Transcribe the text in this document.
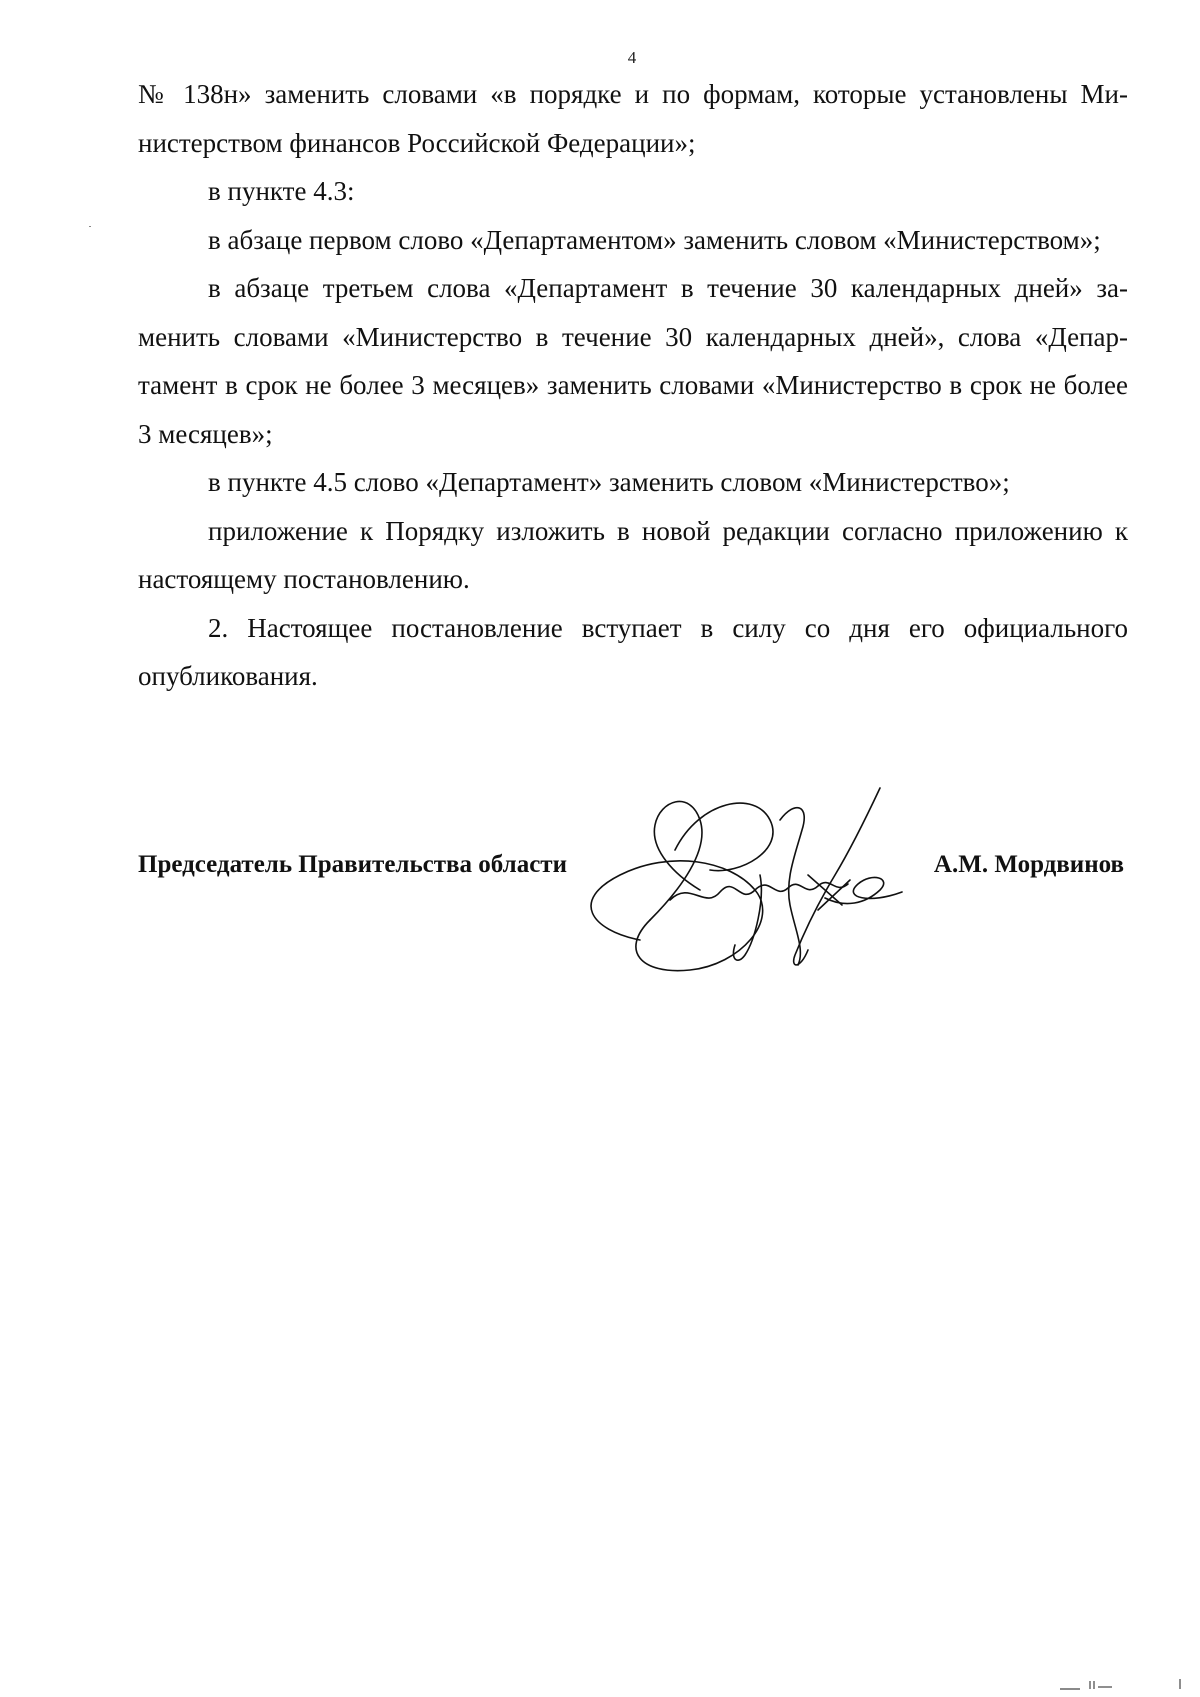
4

№ 138н» заменить словами «в порядке и по формам, которые установлены Министерством финансов Российской Федерации»;

в пункте 4.3:

в абзаце первом слово «Департаментом» заменить словом «Министерством»;

в абзаце третьем слова «Департамент в течение 30 календарных дней» заменить словами «Министерство в течение 30 календарных дней», слова «Департамент в срок не более 3 месяцев» заменить словами «Министерство в срок не более 3 месяцев»;

в пункте 4.5 слово «Департамент» заменить словом «Министерство»;

приложение к Порядку изложить в новой редакции согласно приложению к настоящему постановлению.

2. Настоящее постановление вступает в силу со дня его официального опубликования.

Председатель Правительства области	А.М. Мордвинов
